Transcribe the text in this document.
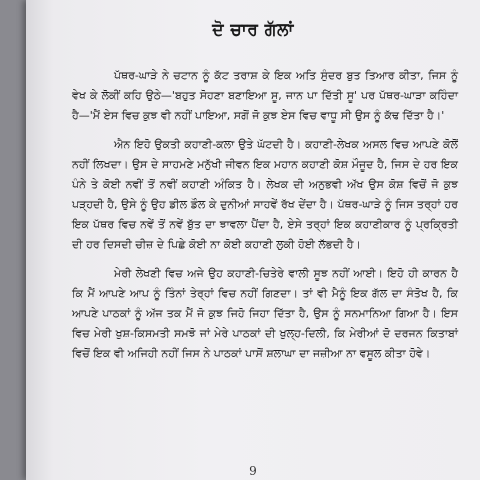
ਦੋ ਚਾਰ ਗੱਲਾਂ

ਪੱਥਰ-ਘਾੜੇ ਨੇ ਚਟਾਨ ਨੂੰ ਕੱਟ ਤਰਾਸ਼ ਕੇ ਇਕ ਅਤਿ ਸੁੰਦਰ ਬੁਤ ਤਿਆਰ ਕੀਤਾ, ਜਿਸ ਨੂੰ ਵੇਖ ਕੇ ਲੋਕੀਂ ਕਹਿ ਉਠੇ—'ਬਹੁਤ ਸੋਹਣਾ ਬਣਾਇਆ ਸੂ, ਜਾਨ ਪਾ ਦਿੱਤੀ ਸੂ' ਪਰ ਪੱਥਰ-ਘਾੜਾ ਕਹਿੰਦਾ ਹੈ—'ਮੈਂ ਏਸ ਵਿਚ ਕੁਝ ਵੀ ਨਹੀਂ ਪਾਇਆ, ਸਗੋਂ ਜੋ ਕੁਝ ਏਸ ਵਿਚ ਵਾਧੂ ਸੀ ਉਸ ਨੂੰ ਕੱਢ ਦਿੱਤਾ ਹੈ।'

ਐਨ ਇਹੋ ਉਕਤੀ ਕਹਾਣੀ-ਕਲਾ ਉਤੇ ਘੱਟਦੀ ਹੈ। ਕਹਾਣੀ-ਲੇਖਕ ਅਸਲ ਵਿਚ ਆਪਣੇ ਕੋਲੋਂ ਨਹੀਂ ਲਿਖਦਾ। ਉਸ ਦੇ ਸਾਹਮਣੇ ਮਨੁੱਖੀ ਜੀਵਨ ਇਕ ਮਹਾਨ ਕਹਾਣੀ ਕੋਸ਼ ਮੌਜੂਦ ਹੈ, ਜਿਸ ਦੇ ਹਰ ਇਕ ਪੰਨੇ ਤੇ ਕੋਈ ਨਵੀਂ ਤੋਂ ਨਵੀਂ ਕਹਾਣੀ ਅੰਕਿਤ ਹੈ। ਲੇਖਕ ਦੀ ਅਨੁਭਵੀ ਅੱਖ ਉਸ ਕੋਸ਼ ਵਿਚੋਂ ਜੋ ਕੁਝ ਪੜ੍ਹਦੀ ਹੈ, ਉਸੇ ਨੂੰ ਉਹ ਡੀਲ ਡੌਲ ਕੇ ਦੁਨੀਆਂ ਸਾਹਵੇਂ ਰੱਖ ਦੇਂਦਾ ਹੈ। ਪੱਥਰ-ਘਾੜੇ ਨੂੰ ਜਿਸ ਤਰ੍ਹਾਂ ਹਰ ਇਕ ਪੱਥਰ ਵਿਚ ਨਵੇਂ ਤੋਂ ਨਵੇਂ ਬੁੱਤ ਦਾ ਝਾਵਲਾ ਪੈਂਦਾ ਹੈ, ਏਸੇ ਤਰ੍ਹਾਂ ਇਕ ਕਹਾਣੀਕਾਰ ਨੂੰ ਪ੍ਰਕ੍ਰਿਤੀ ਦੀ ਹਰ ਦਿਸਦੀ ਚੀਜ਼ ਦੇ ਪਿਛੇ ਕੋਈ ਨਾ ਕੋਈ ਕਹਾਣੀ ਲੁਕੀ ਹੋਈ ਲੱਭਦੀ ਹੈ।

ਮੇਰੀ ਲੇਖਣੀ ਵਿਚ ਅਜੇ ਉਹ ਕਹਾਣੀ-ਚਿਤੇਰੇ ਵਾਲੀ ਸੂਝ ਨਹੀਂ ਆਈ। ਇਹੋ ਹੀ ਕਾਰਨ ਹੈ ਕਿ ਮੈਂ ਆਪਣੇ ਆਪ ਨੂੰ ਤਿੰਨਾਂ ਤੇਰ੍ਹਾਂ ਵਿਚ ਨਹੀਂ ਗਿਣਦਾ। ਤਾਂ ਵੀ ਮੈਨੂੰ ਇਕ ਗੱਲ ਦਾ ਸੰਤੋਖ ਹੈ, ਕਿ ਆਪਣੇ ਪਾਠਕਾਂ ਨੂੰ ਅੱਜ ਤਕ ਮੈਂ ਜੋ ਕੁਝ ਜਿਹੋ ਜਿਹਾ ਦਿੱਤਾ ਹੈ, ਉਸ ਨੂੰ ਸਨਮਾਨਿਆ ਗਿਆ ਹੈ। ਇਸ ਵਿਚ ਮੇਰੀ ਖੁਸ਼-ਕਿਸਮਤੀ ਸਮਝੋ ਜਾਂ ਮੇਰੇ ਪਾਠਕਾਂ ਦੀ ਖੁਲ੍ਹ-ਦਿਲੀ, ਕਿ ਮੇਰੀਆਂ ਦੋ ਦਰਜਨ ਕਿਤਾਬਾਂ ਵਿਚੋਂ ਇਕ ਵੀ ਅਜਿਹੀ ਨਹੀਂ ਜਿਸ ਨੇ ਪਾਠਕਾਂ ਪਾਸੋਂ ਸ਼ਲਾਘਾ ਦਾ ਜਜ਼ੀਆ ਨਾ ਵਸੂਲ ਕੀਤਾ ਹੋਵੇ।

9
